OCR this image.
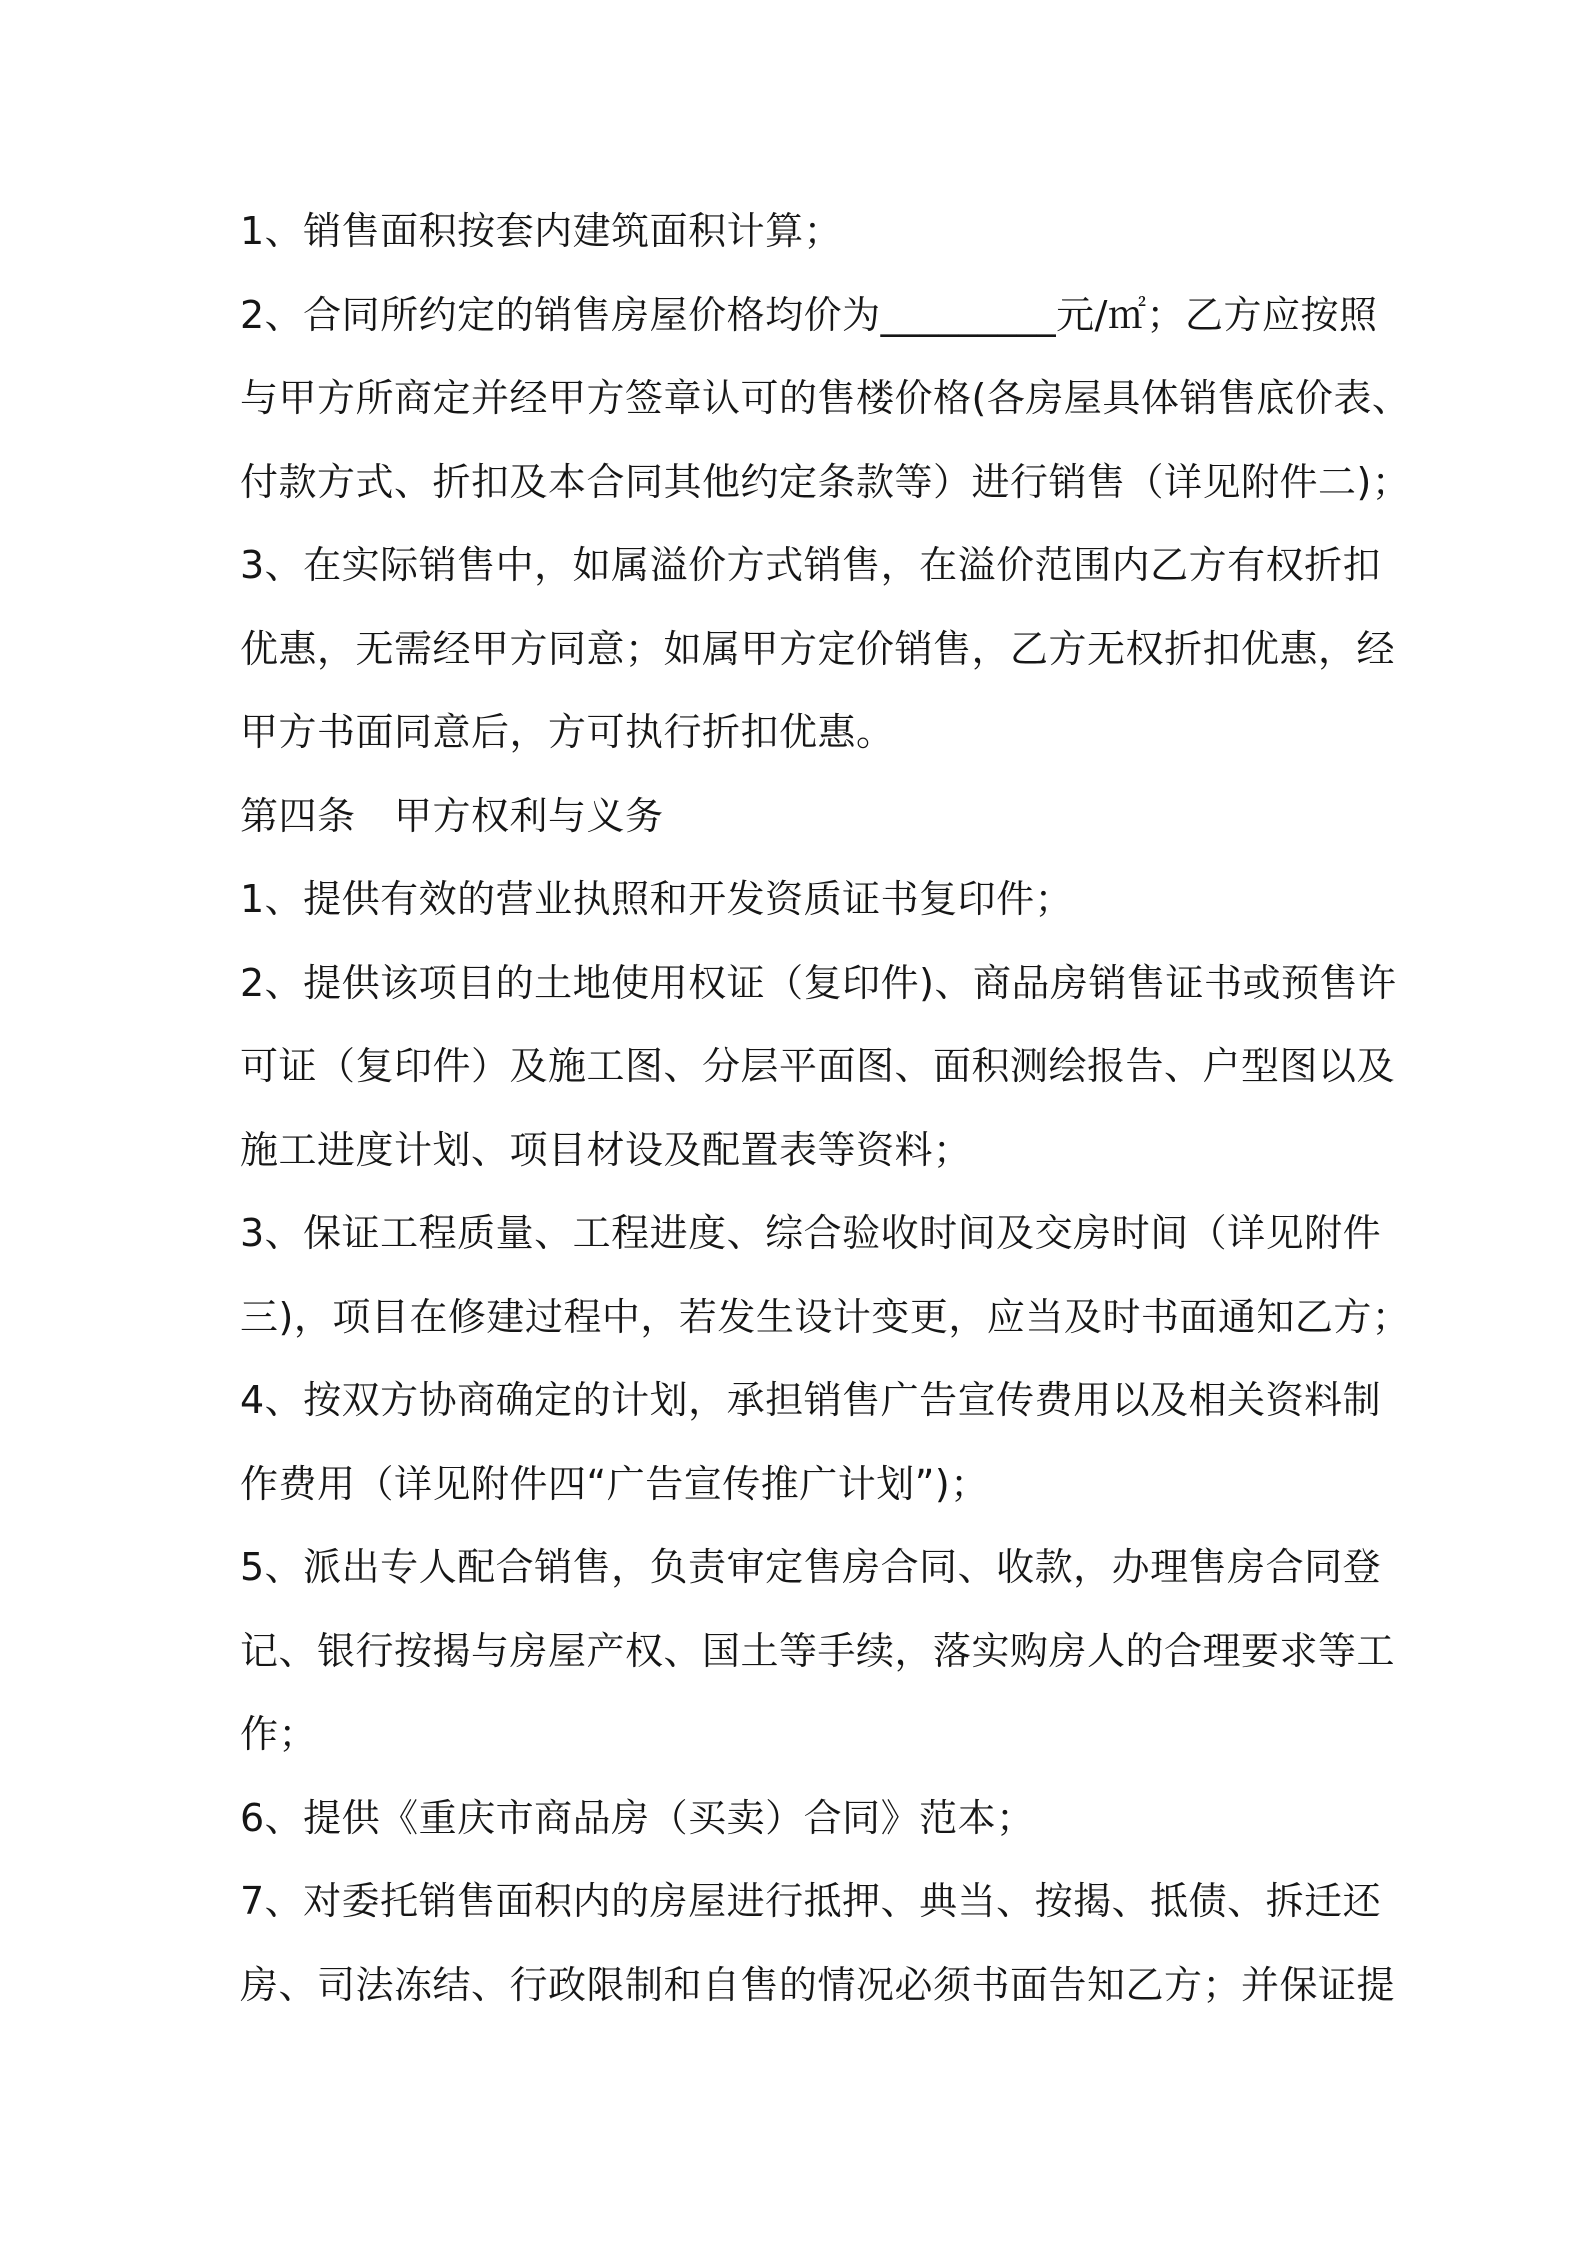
1、销售面积按套内建筑面积计算；
2、合同所约定的销售房屋价格均价为_________元/㎡；乙方应按照
与甲方所商定并经甲方签章认可的售楼价格(各房屋具体销售底价表、
付款方式、折扣及本合同其他约定条款等）进行销售（详见附件二)；
3、在实际销售中，如属溢价方式销售，在溢价范围内乙方有权折扣
优惠，无需经甲方同意；如属甲方定价销售，乙方无权折扣优惠，经
甲方书面同意后，方可执行折扣优惠。
第四条　甲方权利与义务
1、提供有效的营业执照和开发资质证书复印件；
2、提供该项目的土地使用权证（复印件)、商品房销售证书或预售许
可证（复印件）及施工图、分层平面图、面积测绘报告、户型图以及
施工进度计划、项目材设及配置表等资料；
3、保证工程质量、工程进度、综合验收时间及交房时间（详见附件
三)，项目在修建过程中，若发生设计变更，应当及时书面通知乙方；
4、按双方协商确定的计划，承担销售广告宣传费用以及相关资料制
作费用（详见附件四“广告宣传推广计划”)；
5、派出专人配合销售，负责审定售房合同、收款，办理售房合同登
记、银行按揭与房屋产权、国土等手续，落实购房人的合理要求等工
作；
6、提供《重庆市商品房（买卖）合同》范本；
7、对委托销售面积内的房屋进行抵押、典当、按揭、抵债、拆迁还
房、司法冻结、行政限制和自售的情况必须书面告知乙方；并保证提
